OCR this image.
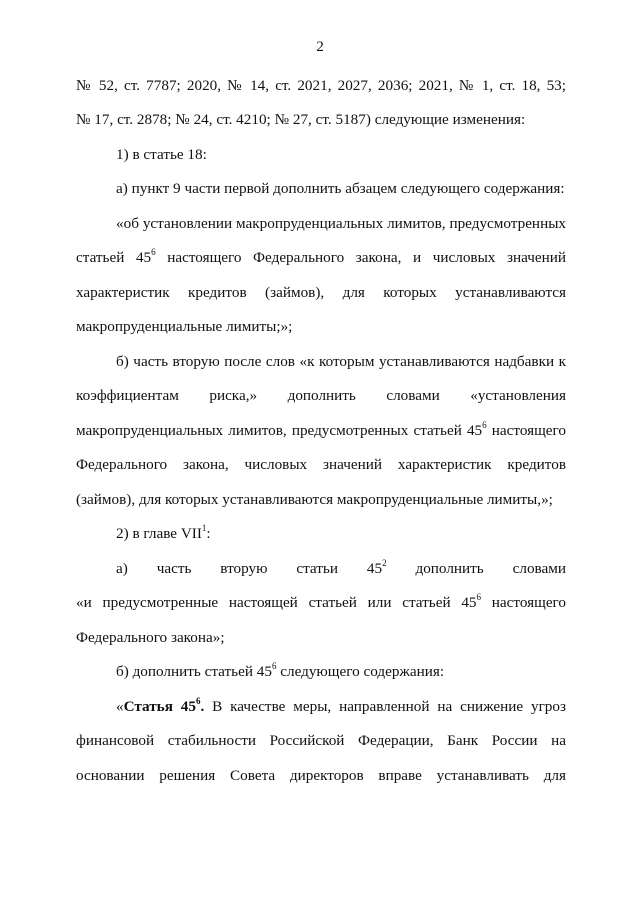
2
№ 52, ст. 7787; 2020, № 14, ст. 2021, 2027, 2036; 2021, № 1, ст. 18, 53;
№ 17, ст. 2878; № 24, ст. 4210; № 27, ст. 5187) следующие изменения:
1) в статье 18:
а) пункт 9 части первой дополнить абзацем следующего содержания:
«об установлении макропруденциальных лимитов, предусмотренных
статьей $45^6$ настоящего Федерального закона, и числовых значений
характеристик кредитов (займов), для которых устанавливаются
макропруденциальные лимиты;»;
б) часть вторую после слов «к которым устанавливаются надбавки к
коэффициентам риска,» дополнить словами «установления
макропруденциальных лимитов, предусмотренных статьей $45^6$ настоящего
Федерального закона, числовых значений характеристик кредитов
(займов), для которых устанавливаются макропруденциальные лимиты,»;
2) в главе VII$^1$:
а) часть вторую статьи $45^2$ дополнить словами
«и предусмотренные настоящей статьей или статьей $45^6$ настоящего
Федерального закона»;
б) дополнить статьей $45^6$ следующего содержания:
«Статья $45^6$. В качестве меры, направленной на снижение угроз
финансовой стабильности Российской Федерации, Банк России на
основании решения Совета директоров вправе устанавливать для
